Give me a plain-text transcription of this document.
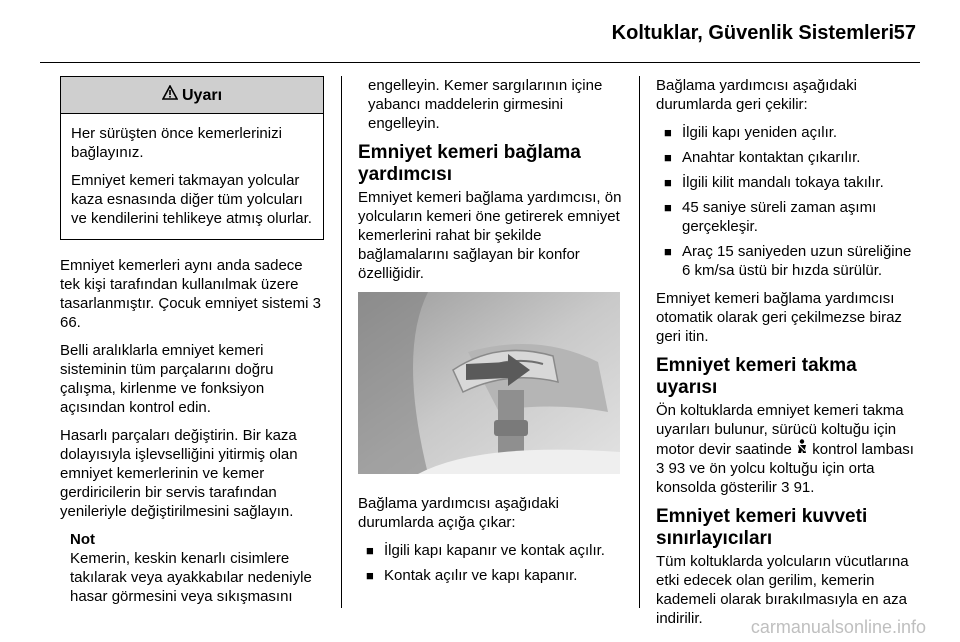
Koltuklar, Güvenlik Sistemleri 57
Uyarı

Her sürüşten önce kemerlerinizi bağlayınız.

Emniyet kemeri takmayan yolcular kaza esnasında diğer tüm yolcuları ve kendilerini tehlikeye atmış olurlar.

Emniyet kemerleri aynı anda sadece tek kişi tarafından kullanılmak üzere tasarlanmıştır. Çocuk emniyet sistemi 3 66.

Belli aralıklarla emniyet kemeri sisteminin tüm parçalarını doğru çalışma, kirlenme ve fonksiyon açısından kontrol edin.

Hasarlı parçaları değiştirin. Bir kaza dolayısıyla işlevselliğini yitirmiş olan emniyet kemerlerinin ve kemer gerdiricilerin bir servis tarafından yenileriyle değiştirilmesini sağlayın.

Not
Kemerin, keskin kenarlı cisimlere takılarak veya ayakkabılar nedeniyle hasar görmesini veya sıkışmasını

engelleyin. Kemer sargılarının içine yabancı maddelerin girmesini engelleyin.

Emniyet kemeri bağlama yardımcısı

Emniyet kemeri bağlama yardımcısı, ön yolcuların kemeri öne getirerek emniyet kemerlerini rahat bir şekilde bağlamalarını sağlayan bir konfor özelliğidir.

Bağlama yardımcısı aşağıdaki durumlarda açığa çıkar:

■ İlgili kapı kapanır ve kontak açılır.
■ Kontak açılır ve kapı kapanır.

Bağlama yardımcısı aşağıdaki durumlarda geri çekilir:

■ İlgili kapı yeniden açılır.
■ Anahtar kontaktan çıkarılır.
■ İlgili kilit mandalı tokaya takılır.
■ 45 saniye süreli zaman aşımı gerçekleşir.
■ Araç 15 saniyeden uzun süreliğine 6 km/sa üstü bir hızda sürülür.

Emniyet kemeri bağlama yardımcısı otomatik olarak geri çekilmezse biraz geri itin.

Emniyet kemeri takma uyarısı

Ön koltuklarda emniyet kemeri takma uyarıları bulunur, sürücü koltuğu için motor devir saatinde kontrol lambası 3 93 ve ön yolcu koltuğu için orta konsolda gösterilir 3 91.

Emniyet kemeri kuvveti sınırlayıcıları

Tüm koltuklarda yolcuların vücutlarına etki edecek olan gerilim, kemerin kademeli olarak bırakılmasıyla en aza indirilir.	carmanualsonline.info
